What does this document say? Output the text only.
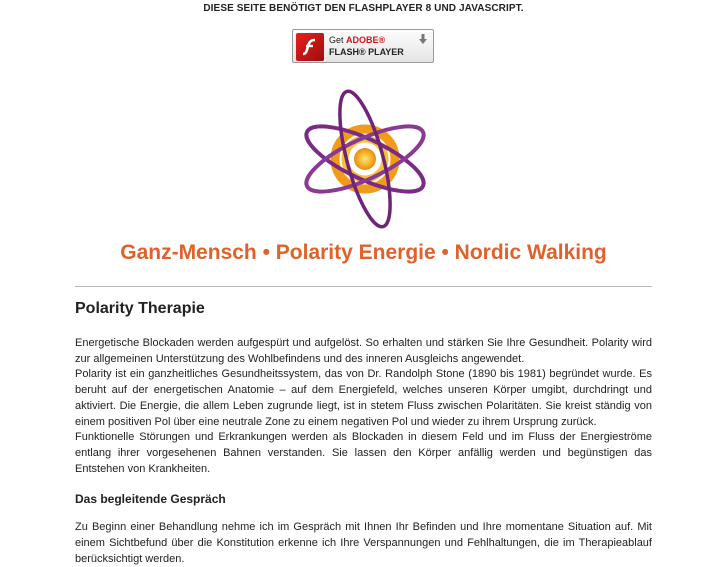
DIESE SEITE BENÖTIGT DEN FLASHPLAYER 8 UND JAVASCRIPT.
Get ADOBE®
FLASH® PLAYER
Ganz-Mensch • Polarity Energie • Nordic Walking
Polarity Therapie

Energetische Blockaden werden aufgespürt und aufgelöst. So erhalten und stärken Sie Ihre Gesundheit. Polarity wird zur allgemeinen Unterstützung des Wohlbefindens und des inneren Ausgleichs angewendet.

Polarity ist ein ganzheitliches Gesundheitssystem, das von Dr. Randolph Stone (1890 bis 1981) begründet wurde. Es beruht auf der energetischen Anatomie – auf dem Energiefeld, welches unseren Körper umgibt, durchdringt und aktiviert. Die Energie, die allem Leben zugrunde liegt, ist in stetem Fluss zwischen Polaritäten. Sie kreist ständig von einem positiven Pol über eine neutrale Zone zu einem negativen Pol und wieder zu ihrem Ursprung zurück.

Funktionelle Störungen und Erkrankungen werden als Blockaden in diesem Feld und im Fluss der Energieströme entlang ihrer vorgesehenen Bahnen verstanden. Sie lassen den Körper anfällig werden und begünstigen das Entstehen von Krankheiten.

Das begleitende Gespräch

Zu Beginn einer Behandlung nehme ich im Gespräch mit Ihnen Ihr Befinden und Ihre momentane Situation auf. Mit einem Sichtbefund über die Konstitution erkenne ich Ihre Verspannungen und Fehlhaltungen, die im Therapieablauf berücksichtigt werden.
